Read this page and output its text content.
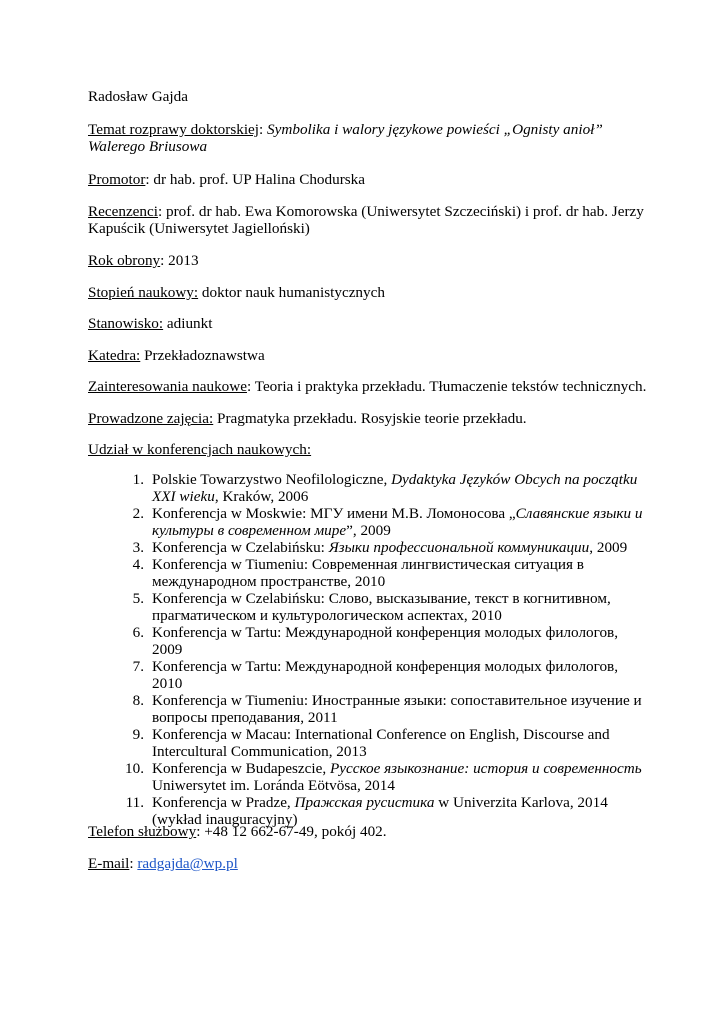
Radosław Gajda

Temat rozprawy doktorskiej: Symbolika i walory językowe powieści „Ognisty anioł” Walerego Briusowa

Promotor: dr hab. prof. UP Halina Chodurska

Recenzenci: prof. dr hab. Ewa Komorowska (Uniwersytet Szczeciński) i prof. dr hab. Jerzy Kapuścik (Uniwersytet Jagielloński)

Rok obrony: 2013

Stopień naukowy: doktor nauk humanistycznych

Stanowisko: adiunkt

Katedra: Przekładoznawstwa

Zainteresowania naukowe: Teoria i praktyka przekładu. Tłumaczenie tekstów technicznych.

Prowadzone zajęcia: Pragmatyka przekładu. Rosyjskie teorie przekładu.

Udział w konferencjach naukowych:

1. Polskie Towarzystwo Neofilologiczne, Dydaktyka Języków Obcych na początku XXI wieku, Kraków, 2006
2. Konferencja w Moskwie: МГУ имени М.В. Ломоносова „Славянские языки и культуры в современном мире”, 2009
3. Konferencja w Czelabińsku: Языки профессиональной коммуникации, 2009
4. Konferencja w Tiumeniu: Современная лингвистическая ситуация в международном пространстве, 2010
5. Konferencja w Czelabińsku: Слово, высказывание, текст в когнитивном, прагматическом и культурологическом аспектах, 2010
6. Konferencja w Tartu: Международной конференция молодых филологов, 2009
7. Konferencja w Tartu: Международной конференция молодых филологов, 2010
8. Konferencja w Tiumeniu: Иностранные языки: сопоставительное изучение и вопросы преподавания, 2011
9. Konferencja w Macau: International Conference on English, Discourse and Intercultural Communication, 2013
10. Konferencja w Budapeszcie, Русское языкознание: история и современность Uniwersytet im. Loránda Eötvösa, 2014
11. Konferencja w Pradze, Пражская русистика w Univerzita Karlova, 2014 (wykład inauguracyjny)

Telefon służbowy: +48 12 662-67-49, pokój 402.

E-mail: radgajda@wp.pl
